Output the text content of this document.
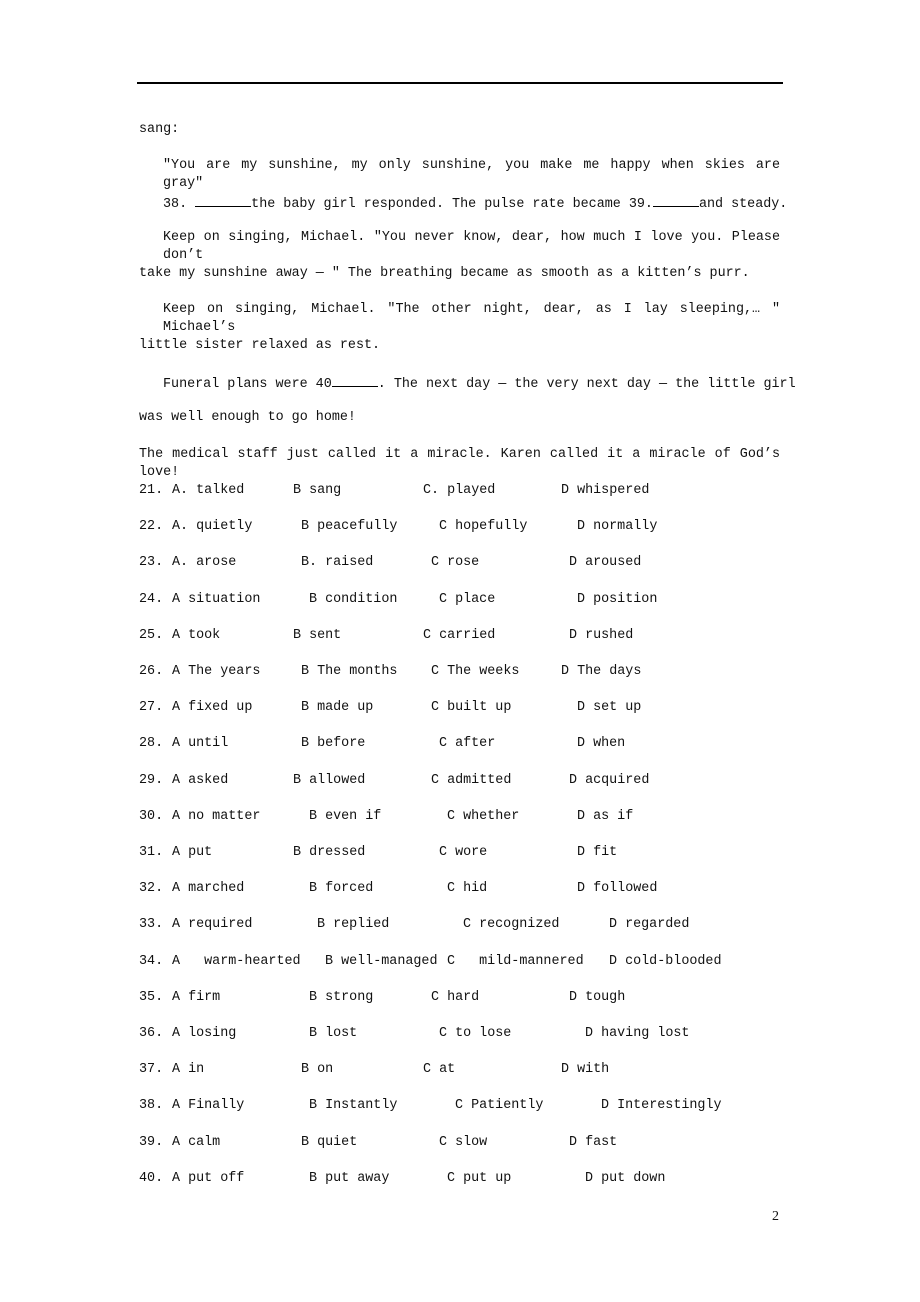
sang:
"You are my sunshine, my only sunshine, you make me happy when skies are gray"
38.	the baby girl responded. The pulse rate became 39.	and steady.
Keep on singing, Michael. "You never know, dear, how much I love you. Please don’t
take my sunshine away — " The breathing became as smooth as a kitten’s purr.
Keep on singing, Michael. "The other night, dear, as I lay sleeping,… " Michael’s
little sister relaxed as rest.
Funeral plans were 40	. The next day — the very next day — the little girl
was well enough to go home!
The medical staff just called it a miracle. Karen called it a miracle of God’s love!
21. A. talked	B sang	C. played	D whispered
22. A. quietly	B peacefully	C hopefully	D normally
23. A. arose	B. raised	C rose	D aroused
24. A situation	B condition	C place	D position
25. A took	B sent	C carried	D rushed
26. A The years	B The months	C The weeks	D The days
27. A fixed up	B made up	C built up	D set up
28. A until	B before	C after	D when
29. A asked	B allowed	C admitted	D acquired
30. A no matter	B even if	C whether	D as if
31. A put	B dressed	C wore	D fit
32. A marched	B forced	C hid	D followed
33. A required	B replied	C recognized	D regarded
34. A   warm-hearted B well-managed C   mild-mannered D cold-blooded
35. A firm	B strong	C hard	D tough
36. A losing	B lost	C to lose	D having lost
37. A in	B on	C at	D with
38. A Finally	B Instantly	C Patiently	D Interestingly
39. A calm	B quiet	C slow	D fast
40. A put off	B put away	C put up	D put down
2
